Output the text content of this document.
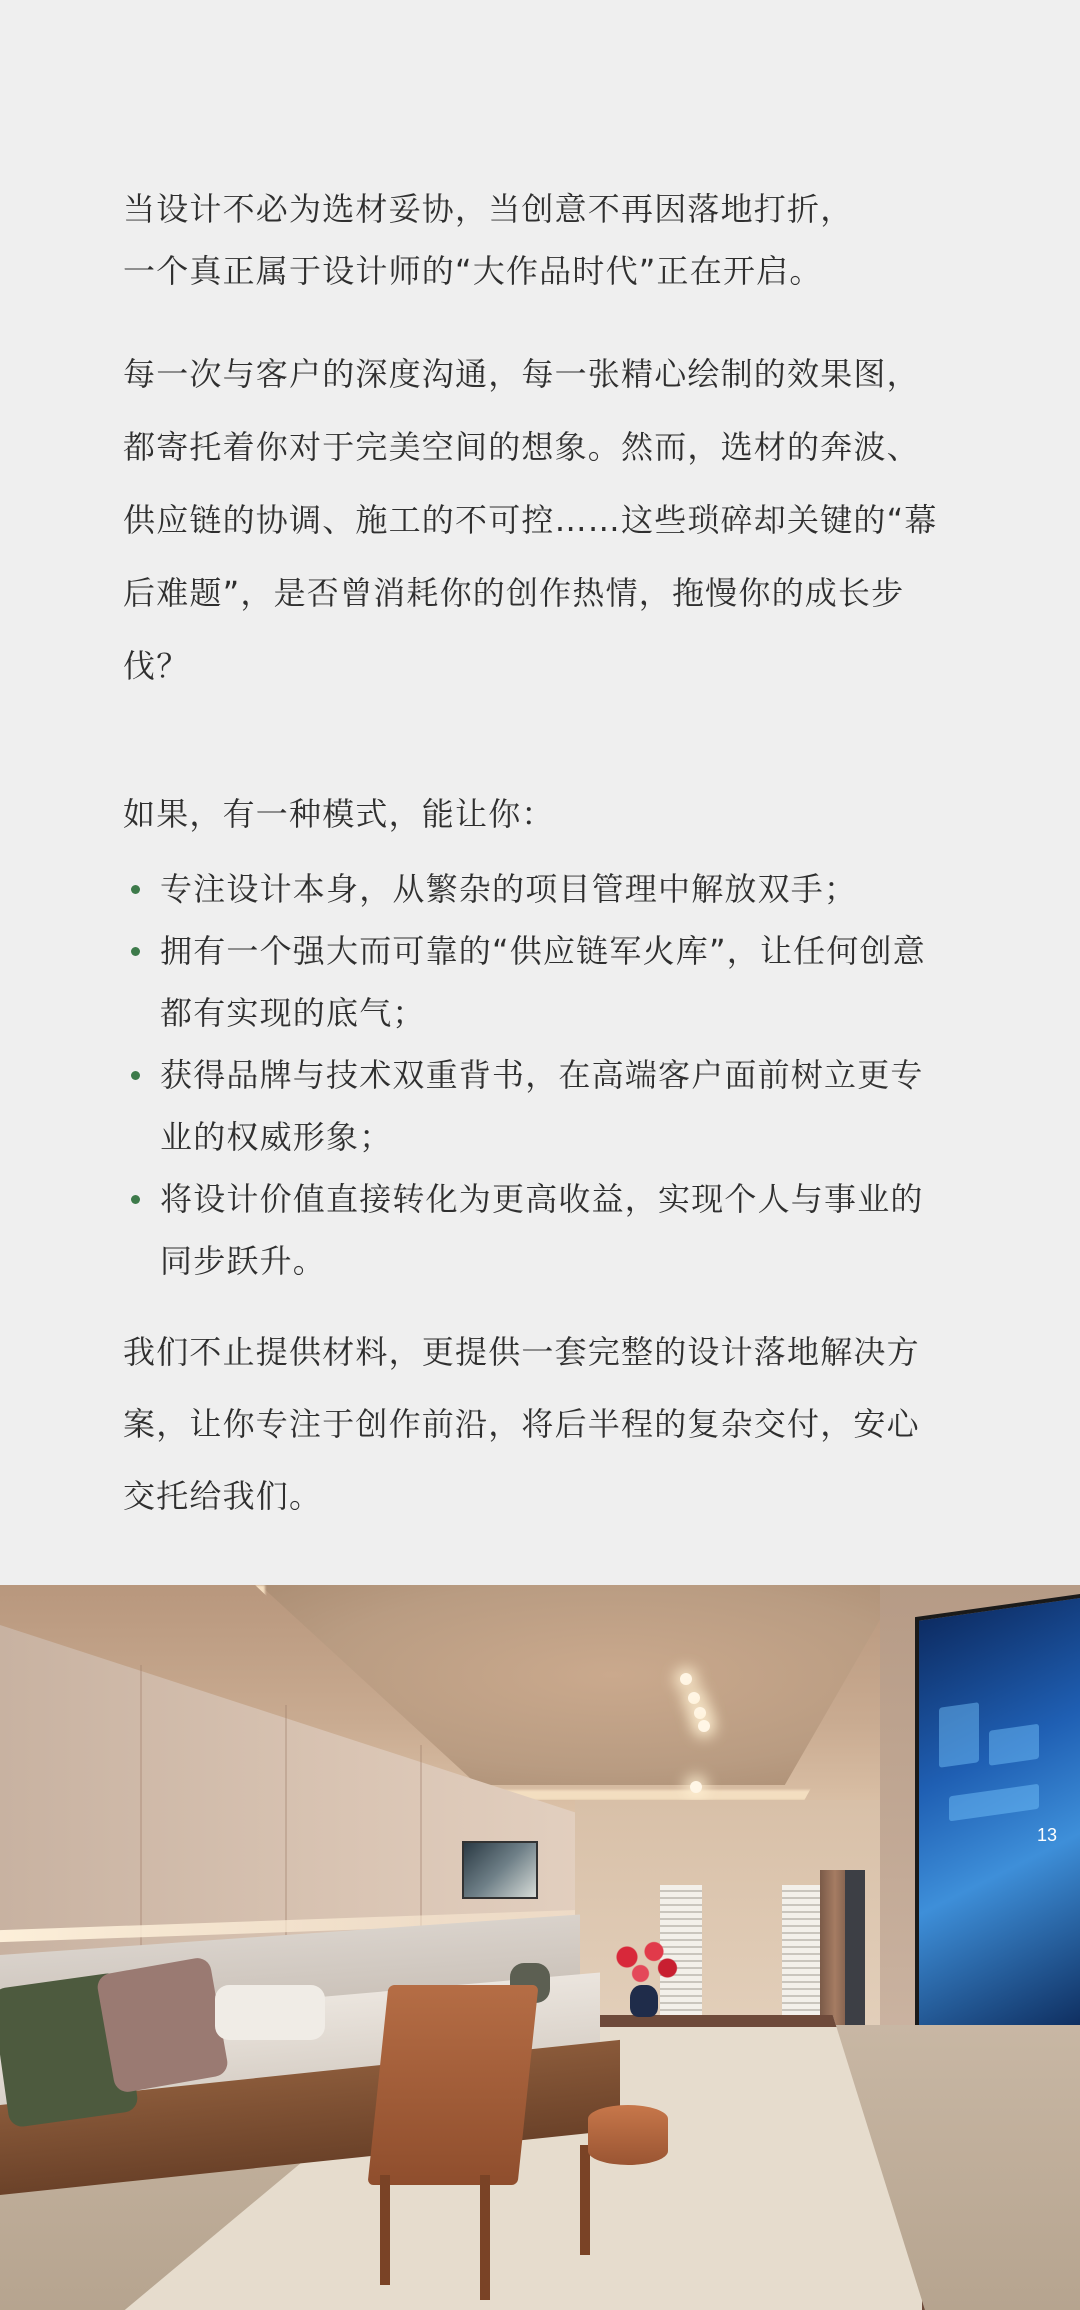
当设计不必为选材妥协，当创意不再因落地打折，
一个真正属于设计师的“大作品时代”正在开启。

每一次与客户的深度沟通，每一张精心绘制的效果图，
都寄托着你对于完美空间的想象。然而，选材的奔波、
供应链的协调、施工的不可控……这些琐碎却关键的“幕
后难题”，是否曾消耗你的创作热情，拖慢你的成长步
伐？

如果，有一种模式，能让你：

专注设计本身，从繁杂的项目管理中解放双手；
拥有一个强大而可靠的“供应链军火库”，让任何创意
都有实现的底气；
获得品牌与技术双重背书，在高端客户面前树立更专
业的权威形象；
将设计价值直接转化为更高收益，实现个人与事业的
同步跃升。

我们不止提供材料，更提供一套完整的设计落地解决方
案，让你专注于创作前沿，将后半程的复杂交付，安心
交托给我们。

13
